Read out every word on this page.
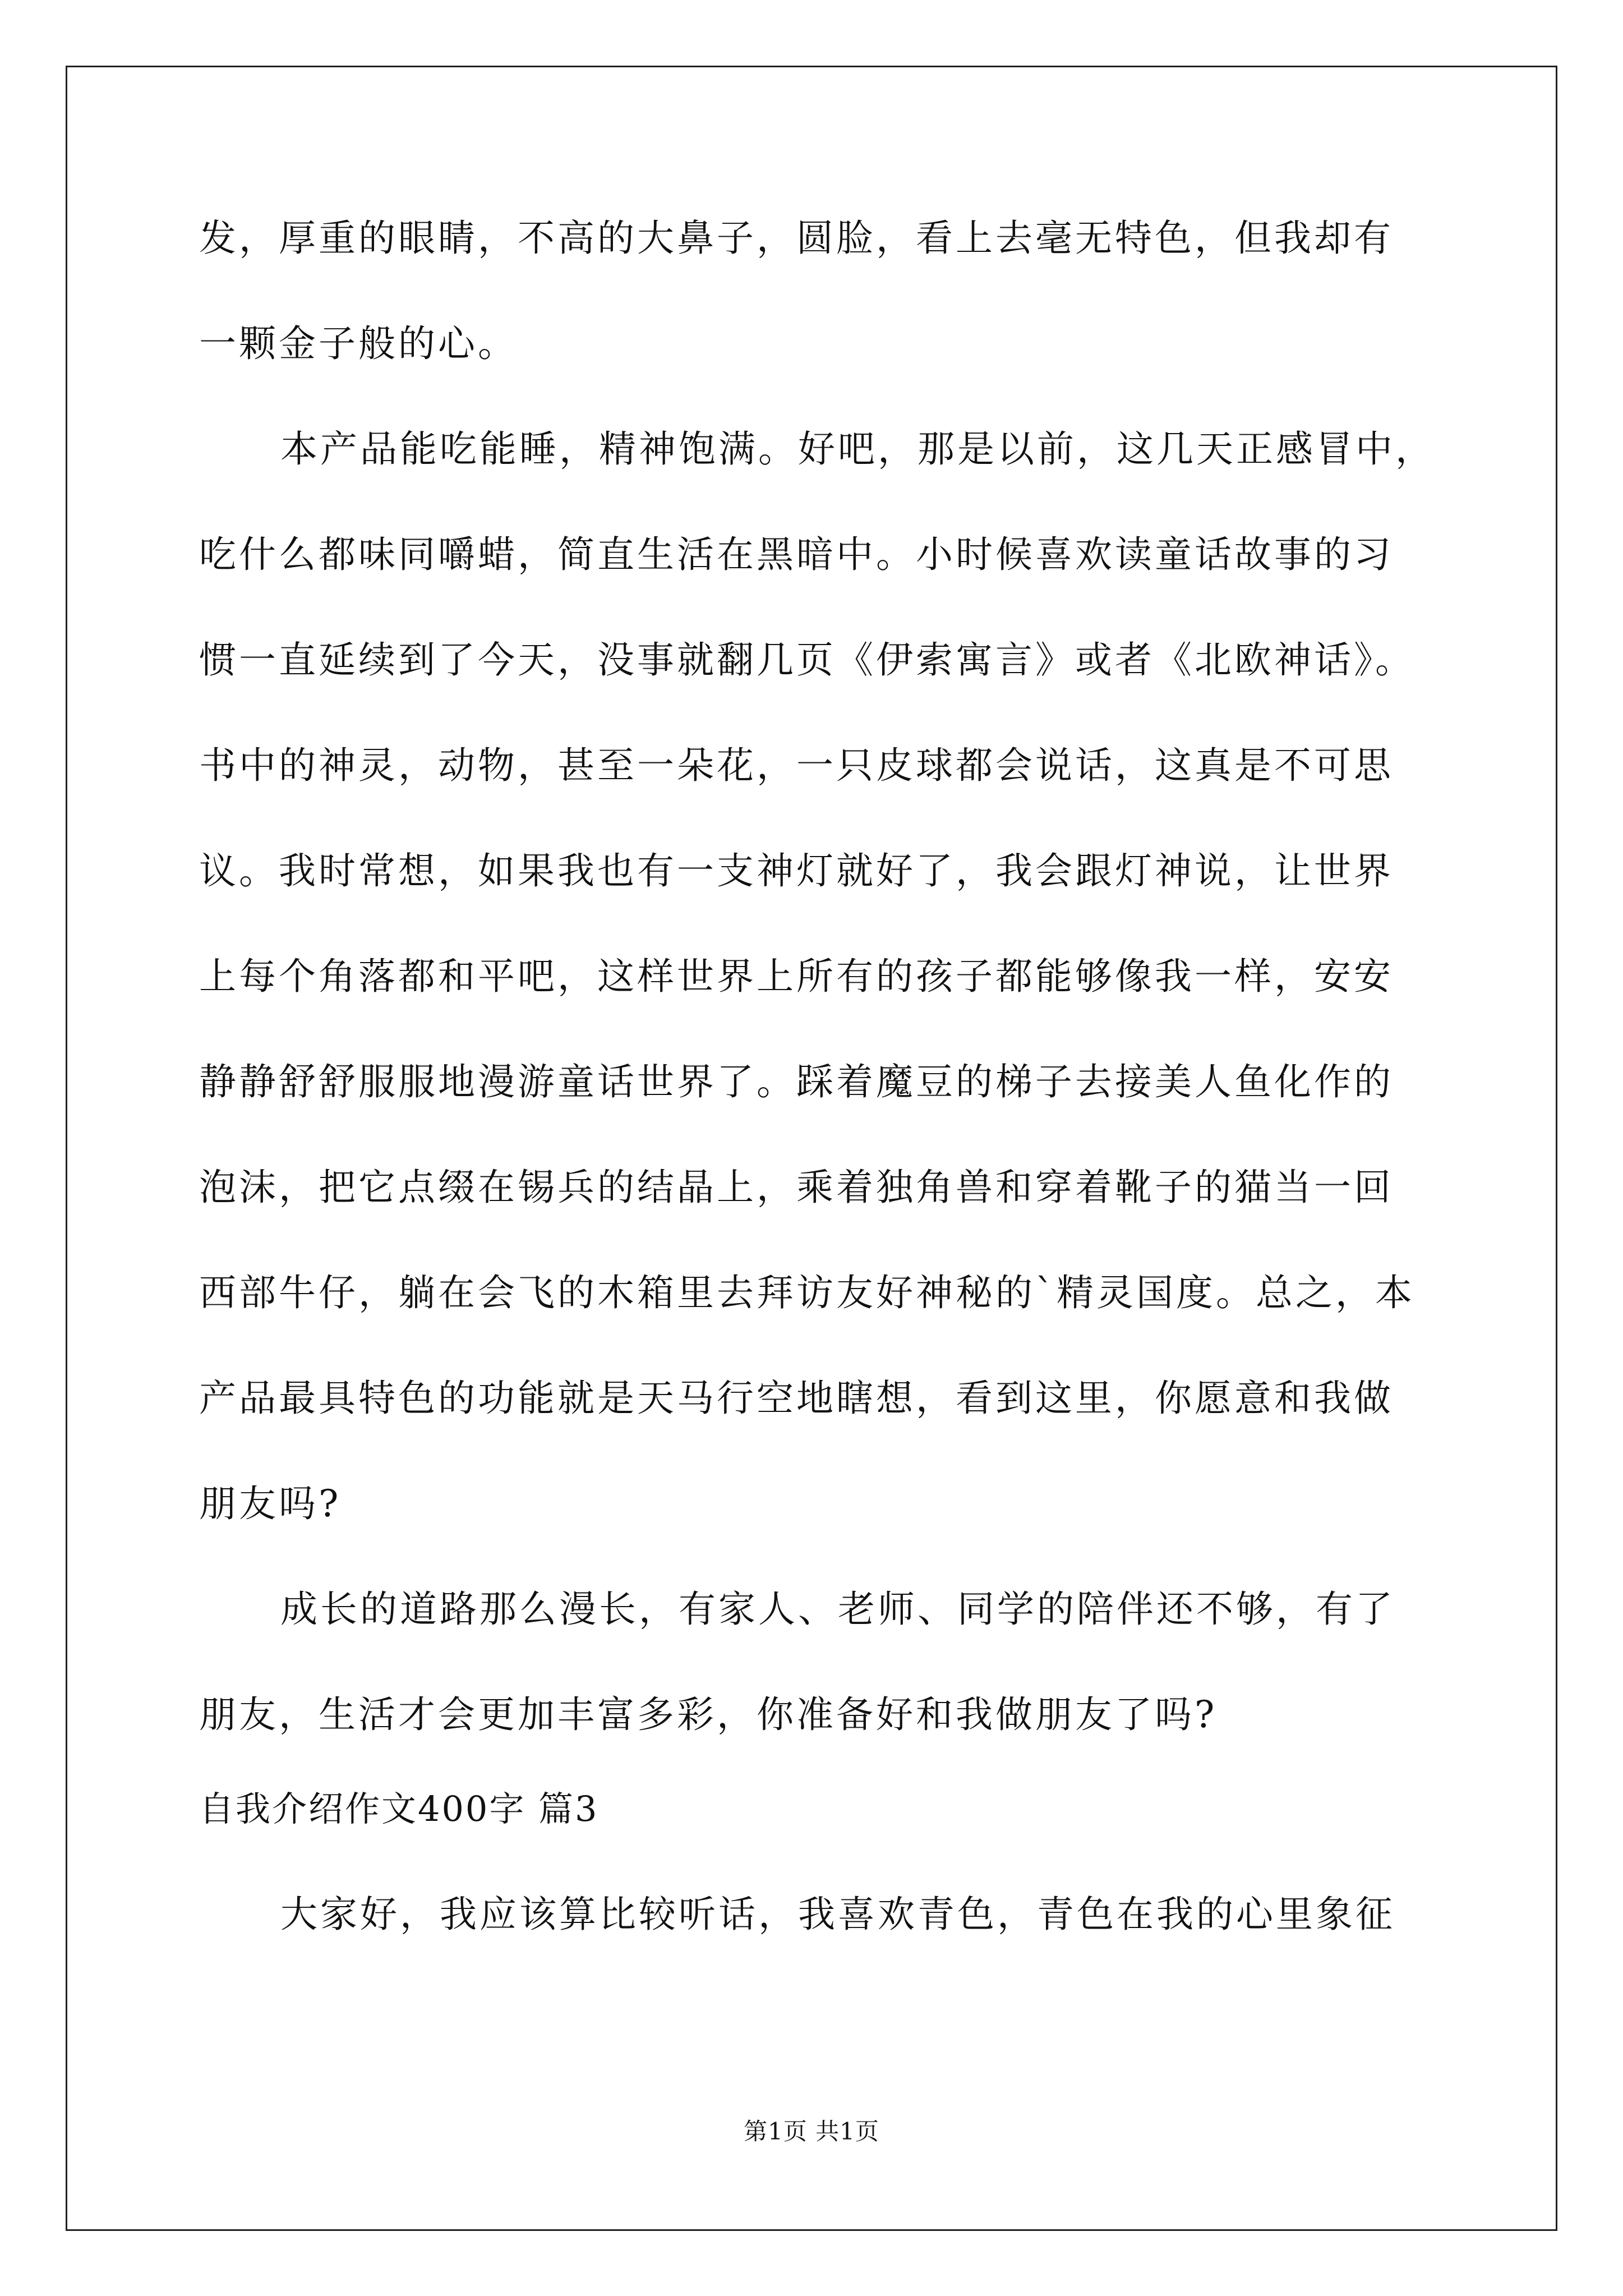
发，厚重的眼睛，不高的大鼻子，圆脸，看上去毫无特色，但我却有
一颗金子般的心。
本产品能吃能睡，精神饱满。好吧，那是以前，这几天正感冒中，
吃什么都味同嚼蜡，简直生活在黑暗中。小时候喜欢读童话故事的习
惯一直延续到了今天，没事就翻几页《伊索寓言》或者《北欧神话》。
书中的神灵，动物，甚至一朵花，一只皮球都会说话，这真是不可思
议。我时常想，如果我也有一支神灯就好了，我会跟灯神说，让世界
上每个角落都和平吧，这样世界上所有的孩子都能够像我一样，安安
静静舒舒服服地漫游童话世界了。踩着魔豆的梯子去接美人鱼化作的
泡沫，把它点缀在锡兵的结晶上，乘着独角兽和穿着靴子的猫当一回
西部牛仔，躺在会飞的木箱里去拜访友好神秘的`精灵国度。总之，本
产品最具特色的功能就是天马行空地瞎想，看到这里，你愿意和我做
朋友吗?
成长的道路那么漫长，有家人、老师、同学的陪伴还不够，有了
朋友，生活才会更加丰富多彩，你准备好和我做朋友了吗?
自我介绍作文400字 篇3
大家好，我应该算比较听话，我喜欢青色，青色在我的心里象征
第1页 共1页
